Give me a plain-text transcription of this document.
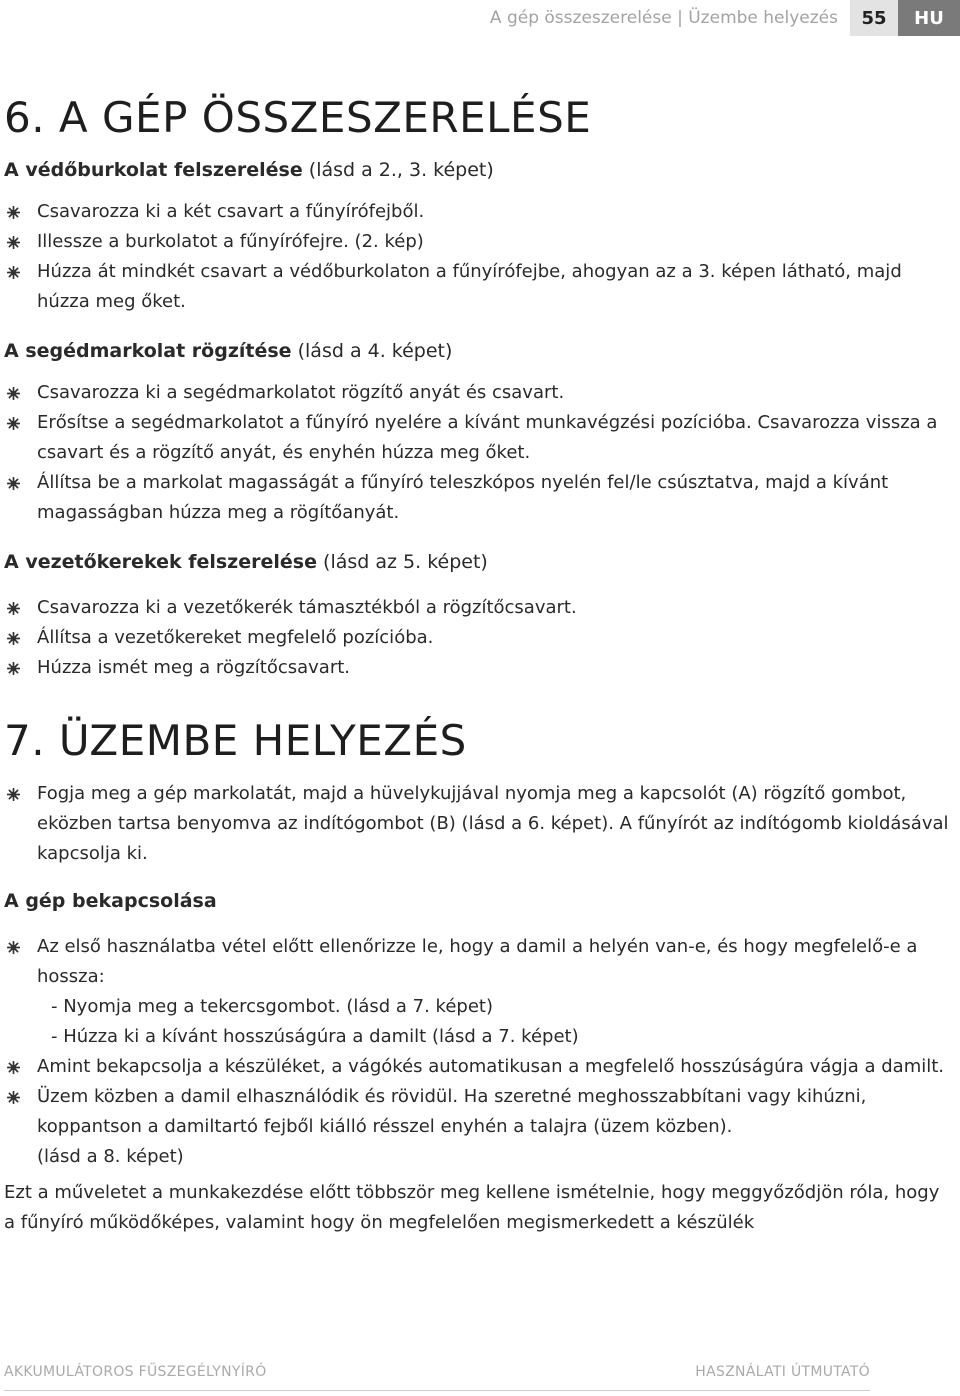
A gép összeszerelése | Üzembe helyezés	55	HU
6. A GÉP ÖSSZESZERELÉSE

A védőburkolat felszerelése (lásd a 2., 3. képet)

Csavarozza ki a két csavart a fűnyírófejből.
Illessze a burkolatot a fűnyírófejre. (2. kép)
Húzza át mindkét csavart a védőburkolaton a fűnyírófejbe, ahogyan az a 3. képen látható, majd húzza meg őket.

A segédmarkolat rögzítése (lásd a 4. képet)

Csavarozza ki a segédmarkolatot rögzítő anyát és csavart.
Erősítse a segédmarkolatot a fűnyíró nyelére a kívánt munkavégzési pozícióba. Csavarozza vissza a csavart és a rögzítő anyát, és enyhén húzza meg őket.
Állítsa be a markolat magasságát a fűnyíró teleszkópos nyelén fel/le csúsztatva, majd a kívánt magasságban húzza meg a rögítőanyát.

A vezetőkerekek felszerelése (lásd az 5. képet)

Csavarozza ki a vezetőkerék támasztékból a rögzítőcsavart.
Állítsa a vezetőkereket megfelelő pozícióba.
Húzza ismét meg a rögzítőcsavart.
7. ÜZEMBE HELYEZÉS
Fogja meg a gép markolatát, majd a hüvelykujjával nyomja meg a kapcsolót (A) rögzítő gombot, eközben tartsa benyomva az indítógombot (B) (lásd a 6. képet). A fűnyírót az indítógomb kioldásával kapcsolja ki.

A gép bekapcsolása

Az első használatba vétel előtt ellenőrizze le, hogy a damil a helyén van-e, és hogy megfelelő-e a hossza:
- Nyomja meg a tekercsgombot. (lásd a 7. képet)
- Húzza ki a kívánt hosszúságúra a damilt (lásd a 7. képet)
Amint bekapcsolja a készüléket, a vágókés automatikusan a megfelelő hosszúságúra vágja a damilt.
Üzem közben a damil elhasználódik és rövidül. Ha szeretné meghosszabbítani vagy kihúzni, koppantson a damiltartó fejből kiálló résszel enyhén a talajra (üzem közben).
(lásd a 8. képet)

Ezt a műveletet a munkakezdése előtt többször meg kellene ismételnie, hogy meggyőződjön róla, hogy a fűnyíró működőképes, valamint hogy ön megfelelően megismerkedett a készülék

AKKUMULÁTOROS FŰSZEGÉLYNYÍRÓ	HASZNÁLATI ÚTMUTATÓ
